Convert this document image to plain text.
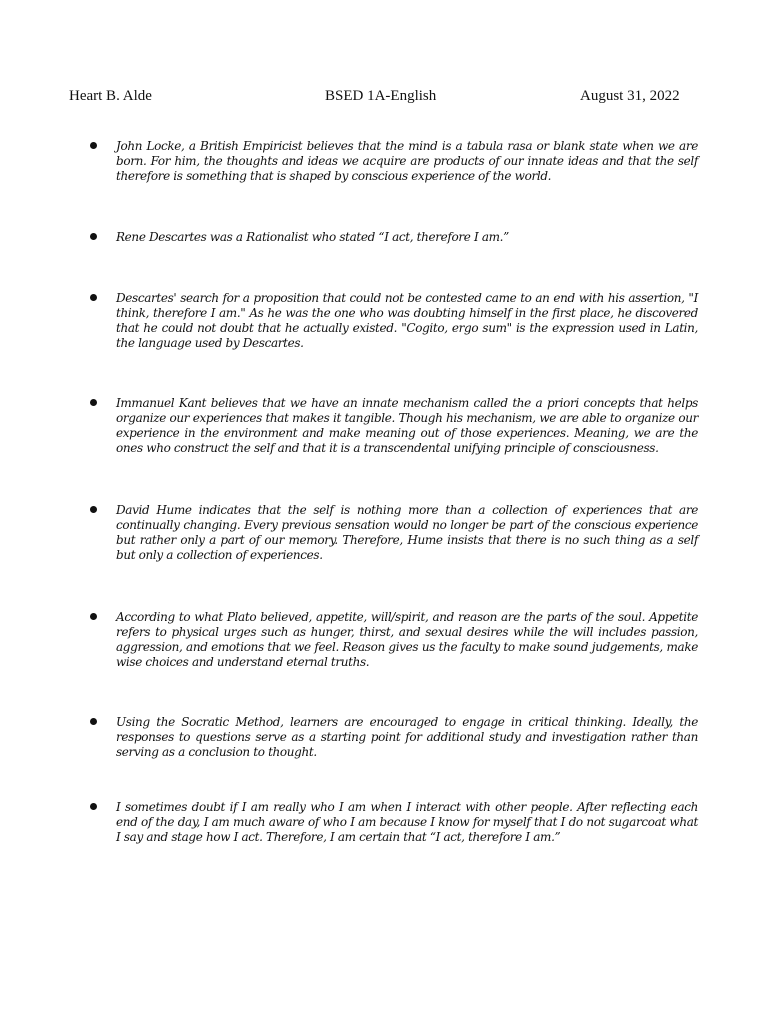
Heart B. Alde	BSED 1A-English	August 31, 2022
John Locke, a British Empiricist believes that the mind is a tabula rasa or blank state when we are born. For him, the thoughts and ideas we acquire are products of our innate ideas and that the self therefore is something that is shaped by conscious experience of the world.
Rene Descartes was a Rationalist who stated “I act, therefore I am.”
Descartes' search for a proposition that could not be contested came to an end with his assertion, "I think, therefore I am." As he was the one who was doubting himself in the first place, he discovered that he could not doubt that he actually existed. "Cogito, ergo sum" is the expression used in Latin, the language used by Descartes.
Immanuel Kant believes that we have an innate mechanism called the a priori concepts that helps organize our experiences that makes it tangible. Though his mechanism, we are able to organize our experience in the environment and make meaning out of those experiences. Meaning, we are the ones who construct the self and that it is a transcendental unifying principle of consciousness.
David Hume indicates that the self is nothing more than a collection of experiences that are continually changing. Every previous sensation would no longer be part of the conscious experience but rather only a part of our memory. Therefore, Hume insists that there is no such thing as a self but only a collection of experiences.
According to what Plato believed, appetite, will/spirit, and reason are the parts of the soul. Appetite refers to physical urges such as hunger, thirst, and sexual desires while the will includes passion, aggression, and emotions that we feel. Reason gives us the faculty to make sound judgements, make wise choices and understand eternal truths.
Using the Socratic Method, learners are encouraged to engage in critical thinking. Ideally, the responses to questions serve as a starting point for additional study and investigation rather than serving as a conclusion to thought.
I sometimes doubt if I am really who I am when I interact with other people. After reflecting each end of the day, I am much aware of who I am because I know for myself that I do not sugarcoat what I say and stage how I act. Therefore, I am certain that “I act, therefore I am.”
